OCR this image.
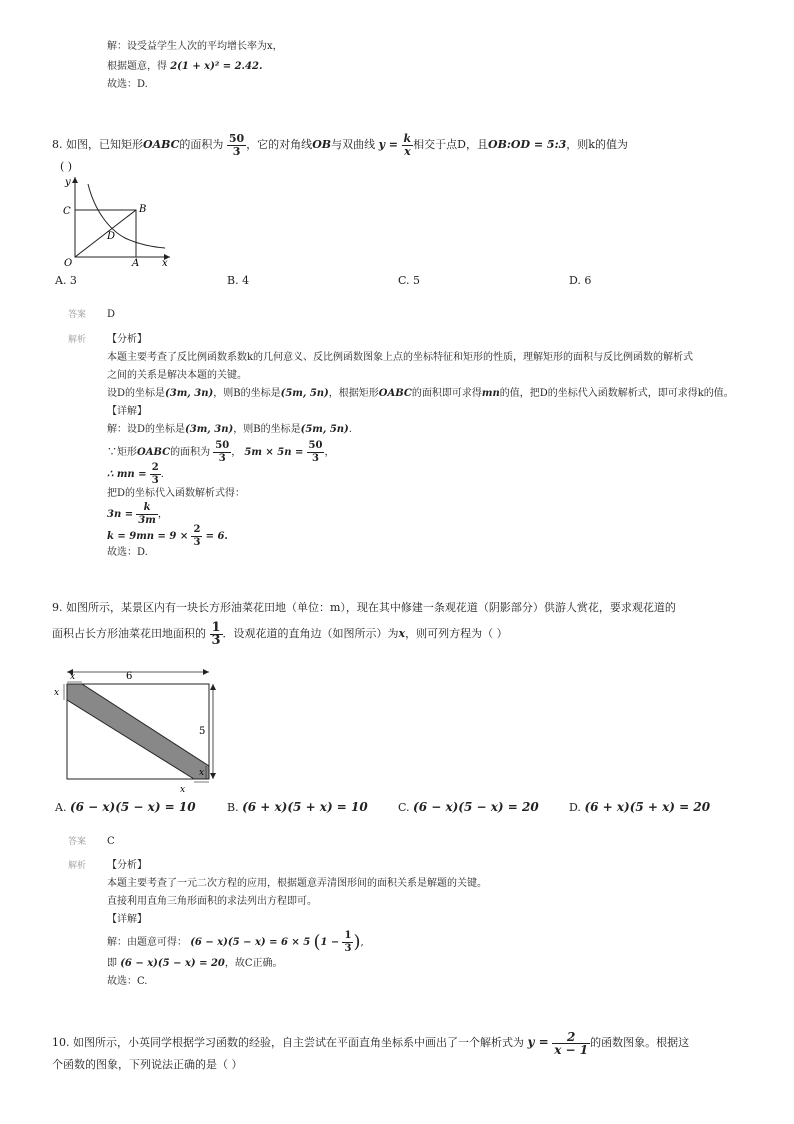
解：设受益学生人次的平均增长率为x，
根据题意，得 2(1 + x)² = 2.42.
故选：D.
8. 如图，已知矩形OABC的面积为 $\frac{50}{3}$ ，它的对角线OB与双曲线 $y = \frac{k}{x}$ 相交于点D，且OB:OD = 5:3，则k的值为
( )
y
x
C	B
D
O	A
A. 3	B. 4	C. 5	D. 6
答案 D
解析 【分析】
本题主要考查了反比例函数系数k的几何意义、反比例函数图象上点的坐标特征和矩形的性质，理解矩形的面积与反比例函数的解析式
之间的关系是解决本题的关键。
设D的坐标是(3m, 3n)，则B的坐标是(5m, 5n)，根据矩形OABC的面积即可求得mn的值，把D的坐标代入函数解析式，即可求得k的值。
【详解】
解：设D的坐标是(3m, 3n)，则B的坐标是(5m, 5n).
∵矩形OABC的面积为 $\frac{50}{3}$ ， $5m \times 5n = \frac{50}{3}$ ，
∴ mn = $\frac{2}{3}$ .
把D的坐标代入函数解析式得：
$3n = \frac{k}{3m}$ ，
$k = 9mn = 9 \times \frac{2}{3} = 6$.
故选：D.
9. 如图所示，某景区内有一块长方形油菜花田地（单位：m），现在其中修建一条观花道（阴影部分）供游人赏花，要求观花道的
面积占长方形油菜花田地面积的 $\frac{1}{3}$ ．设观花道的直角边（如图所示）为x，则可列方程为（ ）
6
5
x
x
x
x
A. (6 − x)(5 − x) = 10	B. (6 + x)(5 + x) = 10	C. (6 − x)(5 − x) = 20	D. (6 + x)(5 + x) = 20
答案 C
解析 【分析】
本题主要考查了一元二次方程的应用，根据题意弄清图形间的面积关系是解题的关键。
直接利用直角三角形面积的求法列出方程即可。
【详解】
解：由题意可得： (6 − x)(5 − x) = 6 × 5 ($1 - \frac{1}{3}$ ),
即 (6 − x)(5 − x) = 20，故C正确。
故选：C.
10. 如图所示，小英同学根据学习函数的经验，自主尝试在平面直角坐标系中画出了一个解析式为 $y = \frac{2}{x - 1}$ 的函数图象。根据这
个函数的图象，下列说法正确的是（ ）
